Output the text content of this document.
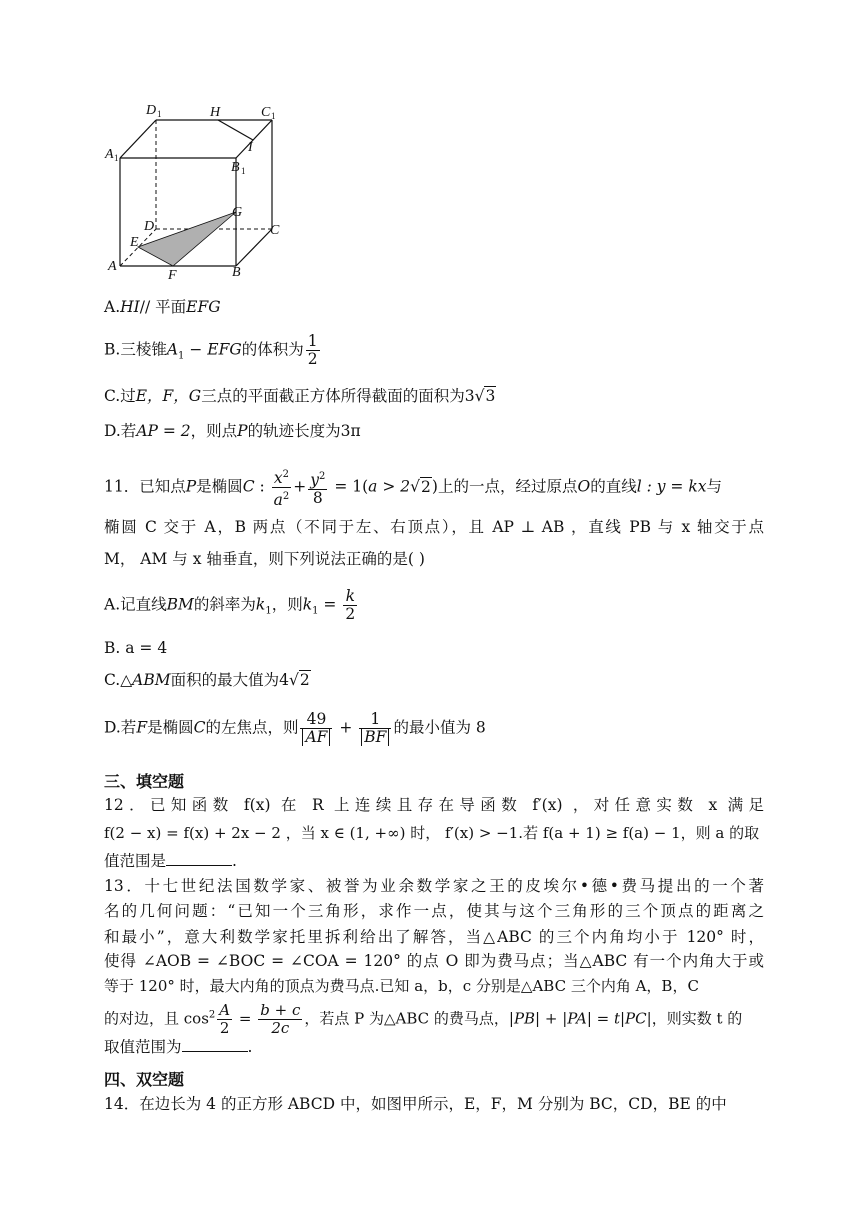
D 1	H	C 1
A 1
I
B 1
D
G
C
E
A
F	B
A.HI// 平面EFG
B.三棱锥$A_1$ − EFG的体积为 $\frac{1}{2}$
C.过E，F，G三点的平面截正方体所得截面的面积为3√3
D.若AP = 2，则点P的轨迹长度为3π
11．已知点P是椭圆C : $\frac{x^2}{a^2} + \frac{y^2}{8} = 1(a > 2√2)$上的一点，经过原点O的直线l : y = kx与
椭圆 C 交于 A，B 两点（不同于左、右顶点），且 AP ⊥ AB ，直线 PB 与 x 轴交于点
M， AM 与 x 轴垂直，则下列说法正确的是( )
A.记直线BM的斜率为$k_1$，则$k_1 = \frac{k}{2}$
B. a = 4
C.△ABM面积的最大值为4√2
D.若F是椭圆C的左焦点，则 $\frac{49}{AF} + \frac{1}{BF}$ 的最小值为 8
三、填空题
12．已知函数 f(x) 在 R 上连续且存在导函数 f′(x) ，对任意实数 x 满足
f(2 − x) = f(x) + 2x − 2 ，当 x ∈ (1, +∞) 时， f′(x) > −1.若 f(a + 1) ≥ f(a) − 1，则 a 的取
值范围是	.
13．十七世纪法国数学家、被誉为业余数学家之王的皮埃尔•德•费马提出的一个著
名的几何问题：“已知一个三角形，求作一点，使其与这个三角形的三个顶点的距离之
和最小”，意大利数学家托里拆利给出了解答，当△ABC 的三个内角均小于 120° 时，
使得 ∠AOB = ∠BOC = ∠COA = 120° 的点 O 即为费马点；当△ABC 有一个内角大于或
等于 120° 时，最大内角的顶点为费马点.已知 a，b，c 分别是△ABC 三个内角 A，B，C
的对边，且 $\cos^2 \frac{A}{2} = \frac{b + c}{2c}$ ，若点 P 为△ABC 的费马点，|PB| + |PA| = t|PC|，则实数 t 的
取值范围为	.
四、双空题
14．在边长为 4 的正方形 ABCD 中，如图甲所示，E，F，M 分别为 BC，CD，BE 的中
